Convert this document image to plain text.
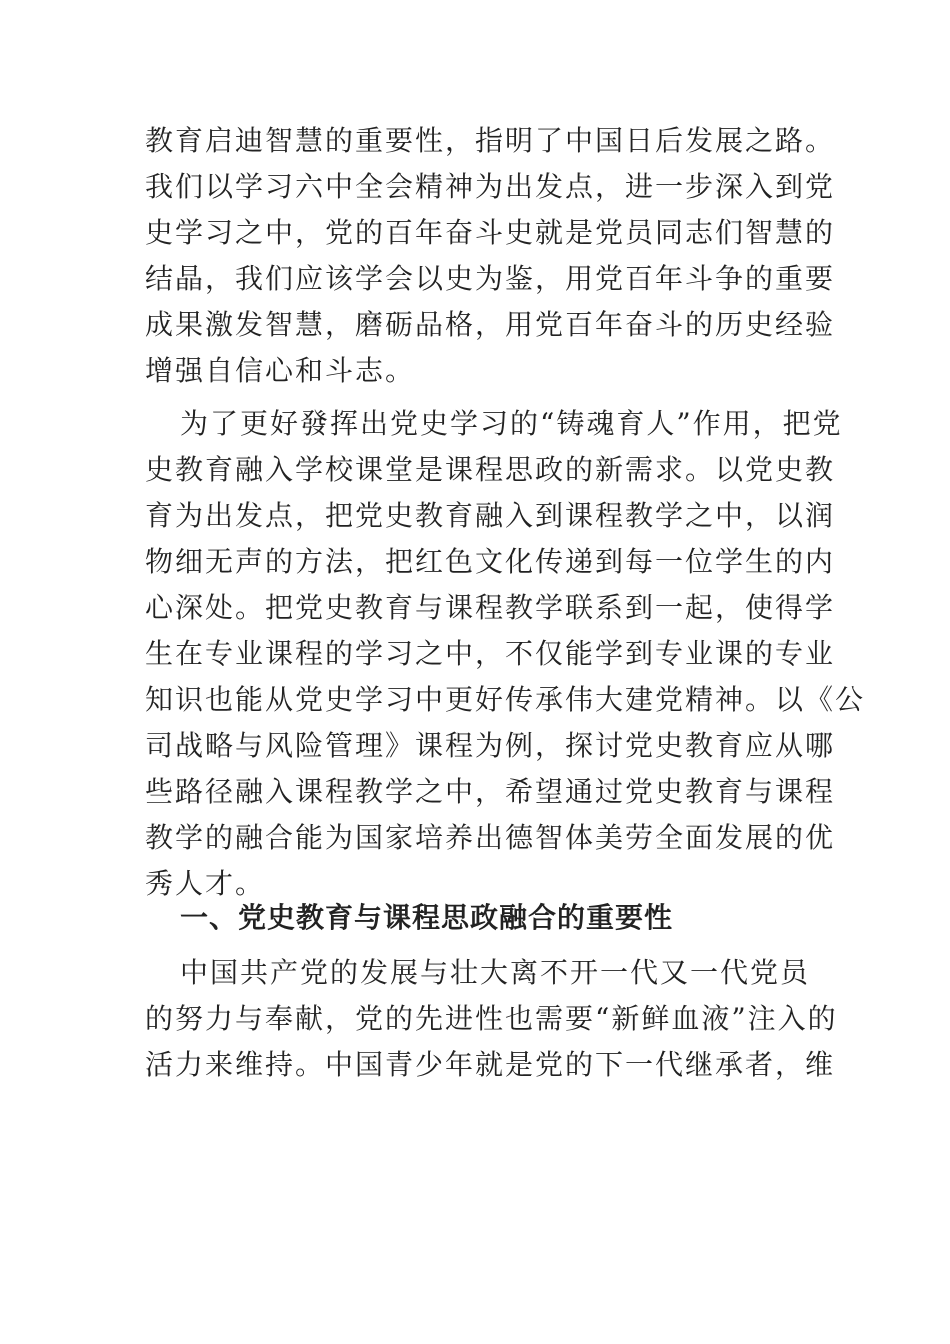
教育启迪智慧的重要性，指明了中国日后发展之路。
我们以学习六中全会精神为出发点，进一步深入到党
史学习之中，党的百年奋斗史就是党员同志们智慧的
结晶，我们应该学会以史为鉴，用党百年斗争的重要
成果激发智慧，磨砺品格，用党百年奋斗的历史经验
增强自信心和斗志。
为了更好發挥出党史学习的“铸魂育人”作用，把党
史教育融入学校课堂是课程思政的新需求。以党史教
育为出发点，把党史教育融入到课程教学之中，以润
物细无声的方法，把红色文化传递到每一位学生的内
心深处。把党史教育与课程教学联系到一起，使得学
生在专业课程的学习之中，不仅能学到专业课的专业
知识也能从党史学习中更好传承伟大建党精神。以《公
司战略与风险管理》课程为例，探讨党史教育应从哪
些路径融入课程教学之中，希望通过党史教育与课程
教学的融合能为国家培养出德智体美劳全面发展的优
秀人才。
一、党史教育与课程思政融合的重要性
中国共产党的发展与壮大离不开一代又一代党员
的努力与奉献，党的先进性也需要“新鲜血液”注入的
活力来维持。中国青少年就是党的下一代继承者，维
